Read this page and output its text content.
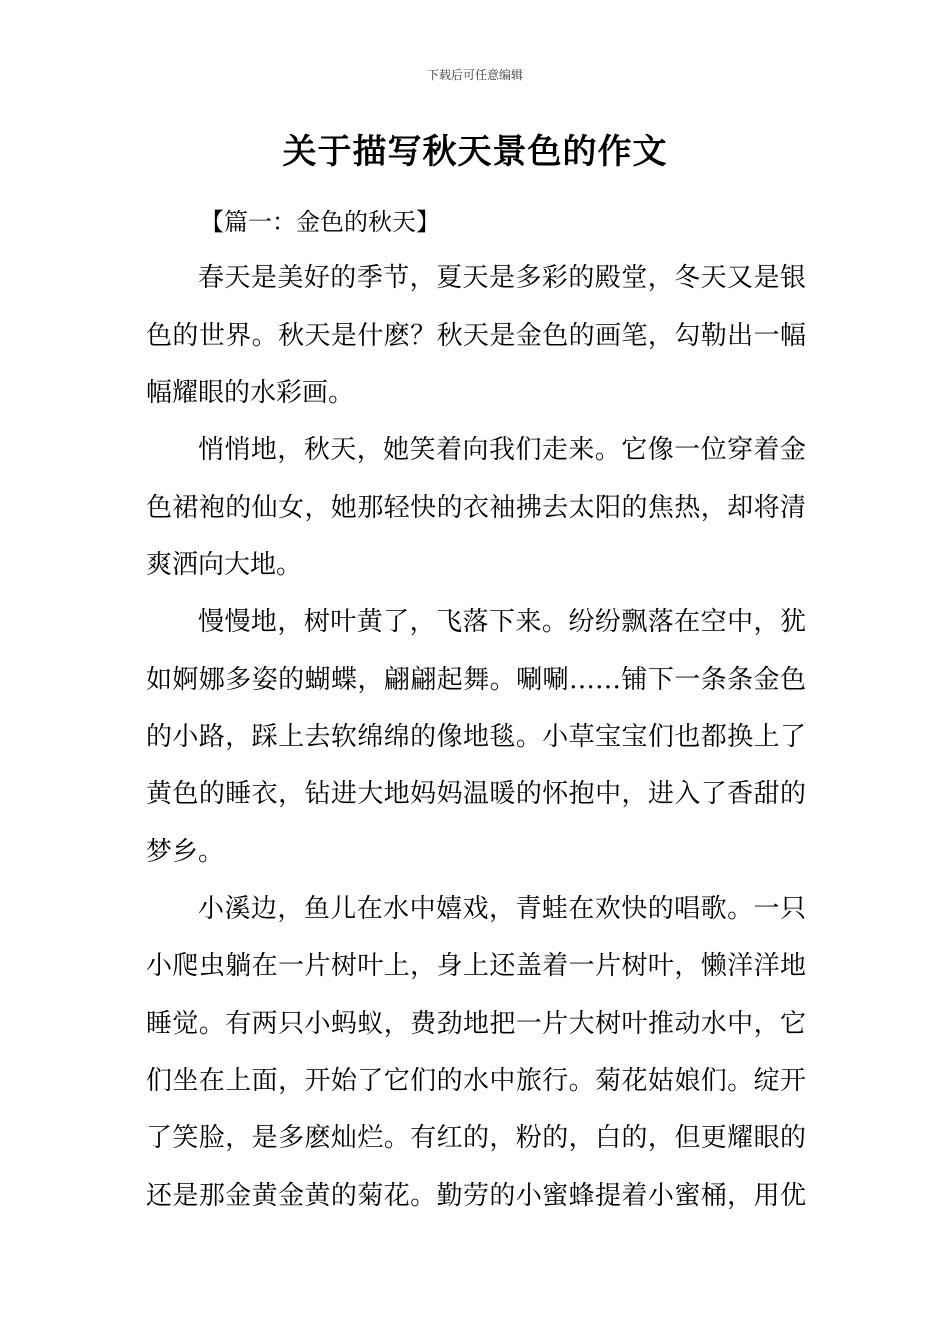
下载后可任意编辑
关于描写秋天景色的作文
【篇一：金色的秋天】
春天是美好的季节，夏天是多彩的殿堂，冬天又是银
色的世界。秋天是什麽？秋天是金色的画笔，勾勒出一幅
幅耀眼的水彩画。
悄悄地，秋天，她笑着向我们走来。它像一位穿着金
色裙袍的仙女，她那轻快的衣袖拂去太阳的焦热，却将清
爽洒向大地。
慢慢地，树叶黄了，飞落下来。纷纷飘落在空中，犹
如婀娜多姿的蝴蝶，翩翩起舞。唰唰……铺下一条条金色
的小路，踩上去软绵绵的像地毯。小草宝宝们也都换上了
黄色的睡衣，钻进大地妈妈温暖的怀抱中，进入了香甜的
梦乡。
小溪边，鱼儿在水中嬉戏，青蛙在欢快的唱歌。一只
小爬虫躺在一片树叶上，身上还盖着一片树叶，懒洋洋地
睡觉。有两只小蚂蚁，费劲地把一片大树叶推动水中，它
们坐在上面，开始了它们的水中旅行。菊花姑娘们。绽开
了笑脸，是多麽灿烂。有红的，粉的，白的，但更耀眼的
还是那金黄金黄的菊花。勤劳的小蜜蜂提着小蜜桶，用优
